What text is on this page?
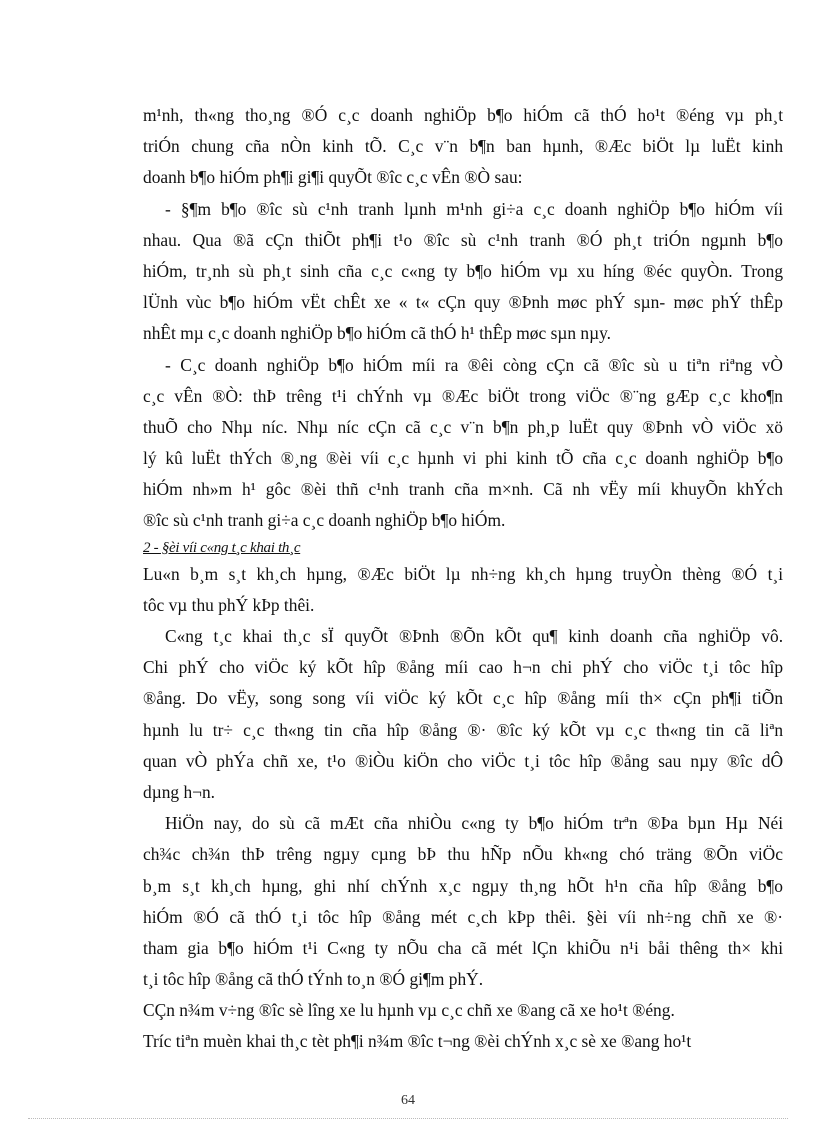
m¹nh, th«ng tho¸ng ®Ó c¸c doanh nghiÖp b¶o hiÓm cã thÓ ho¹t ®éng vµ ph¸t
triÓn chung cña nÒn kinh tÕ. C¸c v¨n b¶n ban hµnh, ®Æc biÖt lµ luËt kinh
doanh b¶o hiÓm ph¶i gi¶i quyÕt ®îc c¸c vÊn ®Ò sau:
- §¶m b¶o ®îc sù c¹nh tranh lµnh m¹nh gi÷a c¸c doanh nghiÖp b¶o hiÓm víi
nhau. Qua ®ã cÇn thiÕt ph¶i t¹o ®îc sù c¹nh tranh ®Ó ph¸t triÓn ngµnh b¶o
hiÓm, tr¸nh sù ph¸t sinh cña c¸c c«ng ty b¶o hiÓm vµ xu híng ®éc quyÒn. Trong
lÜnh vùc b¶o hiÓm vËt chÊt xe « t« cÇn quy ®Þnh møc phÝ sµn- møc phÝ thÊp
nhÊt mµ c¸c doanh nghiÖp b¶o hiÓm cã thÓ h¹ thÊp møc sµn nµy.
- C¸c doanh nghiÖp b¶o hiÓm míi ra ®êi còng cÇn cã ®îc sù u tiªn riªng vÒ
c¸c vÊn ®Ò: thÞ trêng t¹i chÝnh vµ ®Æc biÖt trong viÖc ®¨ng gÆp c¸c kho¶n
thuÕ cho Nhµ níc. Nhµ níc cÇn cã c¸c v¨n b¶n ph¸p luËt quy ®Þnh vÒ viÖc xö
lý kû luËt thÝch ®¸ng ®èi víi c¸c hµnh vi phi kinh tÕ cña c¸c doanh nghiÖp b¶o
hiÓm nh»m h¹ gôc ®èi thñ c¹nh tranh cña m×nh. Cã nh vËy míi khuyÕn khÝch
®îc sù c¹nh tranh gi÷a c¸c doanh nghiÖp b¶o hiÓm.
2 - §èi víi c«ng t¸c khai th¸c
Lu«n b¸m s¸t kh¸ch hµng, ®Æc biÖt lµ nh÷ng kh¸ch hµng truyÒn thèng ®Ó t¸i
tôc vµ thu phÝ kÞp thêi.
C«ng t¸c khai th¸c sÏ quyÕt ®Þnh ®Õn kÕt qu¶ kinh doanh cña nghiÖp vô.
Chi phÝ cho viÖc ký kÕt hîp ®ång míi cao h¬n chi phÝ cho viÖc t¸i tôc hîp
®ång. Do vËy, song song víi viÖc ký kÕt c¸c hîp ®ång míi th× cÇn ph¶i tiÕn
hµnh lu tr÷ c¸c th«ng tin cña hîp ®ång ®· ®îc ký kÕt vµ c¸c th«ng tin cã liªn
quan vÒ phÝa chñ xe, t¹o ®iÒu kiÖn cho viÖc t¸i tôc hîp ®ång sau nµy ®îc dÔ
dµng h¬n.
HiÖn nay, do sù cã mÆt cña nhiÒu c«ng ty b¶o hiÓm trªn ®Þa bµn Hµ Néi
ch¾c ch¾n thÞ trêng ngµy cµng bÞ thu hÑp nÕu kh«ng chó träng ®Õn viÖc
b¸m s¸t kh¸ch hµng, ghi nhí chÝnh x¸c ngµy th¸ng hÕt h¹n cña hîp ®ång b¶o
hiÓm ®Ó cã thÓ t¸i tôc hîp ®ång mét c¸ch kÞp thêi. §èi víi nh÷ng chñ xe ®·
tham gia b¶o hiÓm t¹i C«ng ty nÕu cha cã mét lÇn khiÕu n¹i båi thêng th× khi
t¸i tôc hîp ®ång cã thÓ tÝnh to¸n ®Ó gi¶m phÝ.
CÇn n¾m v÷ng ®îc sè lîng xe lu hµnh vµ c¸c chñ xe ®ang cã xe ho¹t ®éng.
Tríc tiªn muèn khai th¸c tèt ph¶i n¾m ®îc t¬ng ®èi chÝnh x¸c sè xe ®ang ho¹t
64
